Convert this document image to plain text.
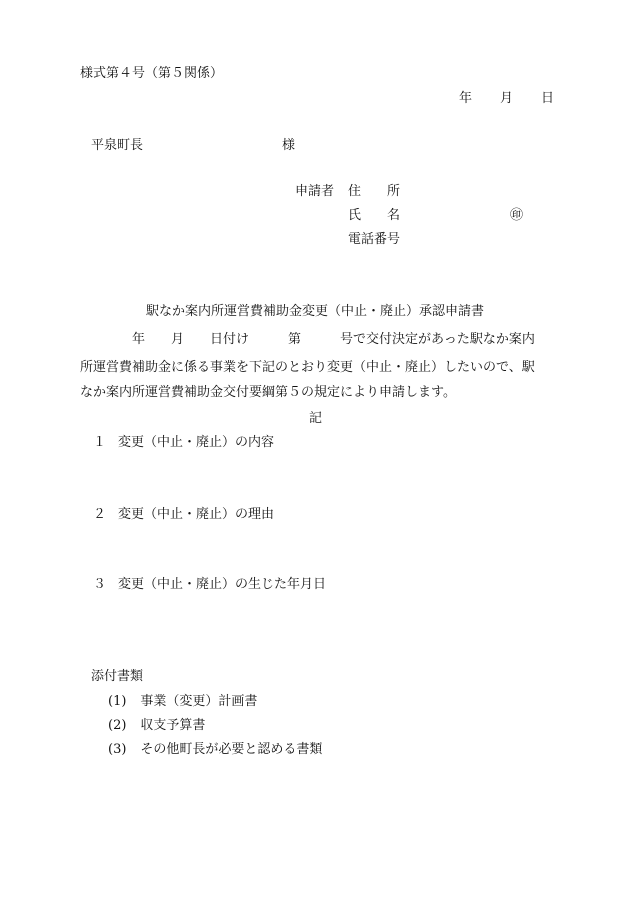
様式第４号（第５関係）
年 月 日
平泉町長	様
申請者 住　　所
氏　　名	㊞
電話番号
駅なか案内所運営費補助金変更（中止・廃止）承認申請書
年　　月　　日付け　　　第　　　号で交付決定があった駅なか案内
所運営費補助金に係る事業を下記のとおり変更（中止・廃止）したいので、駅
なか案内所運営費補助金交付要綱第５の規定により申請します。
記
１ 変更（中止・廃止）の内容
２ 変更（中止・廃止）の理由
３ 変更（中止・廃止）の生じた年月日
添付書類
(1) 事業（変更）計画書
(2) 収支予算書
(3) その他町長が必要と認める書類
